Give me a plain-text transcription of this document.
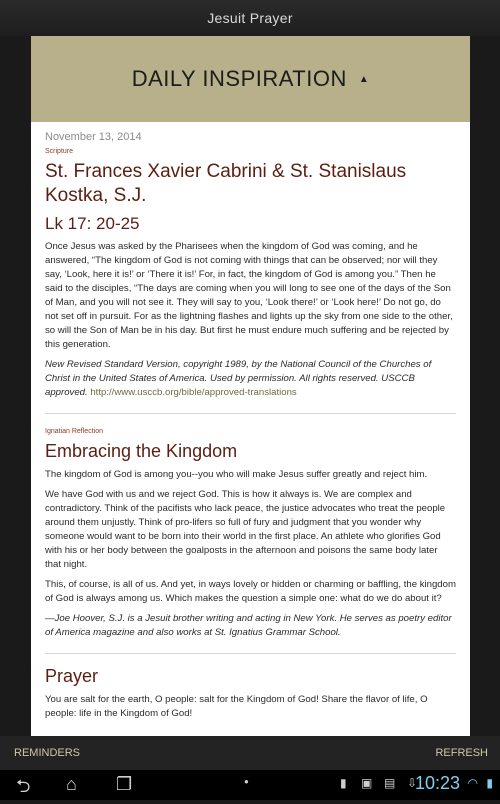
Jesuit Prayer
DAILY INSPIRATION ▲
November 13, 2014
Scripture
St. Frances Xavier Cabrini & St. Stanislaus Kostka, S.J.
Lk 17: 20-25

Once Jesus was asked by the Pharisees when the kingdom of God was coming, and he answered, “The kingdom of God is not coming with things that can be observed; nor will they say, ‘Look, here it is!’ or ‘There it is!’ For, in fact, the kingdom of God is among you.” Then he said to the disciples, “The days are coming when you will long to see one of the days of the Son of Man, and you will not see it. They will say to you, ‘Look there!’ or ‘Look here!’ Do not go, do not set off in pursuit. For as the lightning flashes and lights up the sky from one side to the other, so will the Son of Man be in his day. But first he must endure much suffering and be rejected by this generation.

New Revised Standard Version, copyright 1989, by the National Council of the Churches of Christ in the United States of America. Used by permission. All rights reserved. USCCB approved. http://www.usccb.org/bible/approved-translations

Ignatian Reflection
Embracing the Kingdom

The kingdom of God is among you--you who will make Jesus suffer greatly and reject him.

We have God with us and we reject God. This is how it always is. We are complex and contradictory. Think of the pacifists who lack peace, the justice advocates who treat the people around them unjustly. Think of pro-lifers so full of fury and judgment that you wonder why someone would want to be born into their world in the first place. An athlete who glorifies God with his or her body between the goalposts in the afternoon and poisons the same body later that night.

This, of course, is all of us. And yet, in ways lovely or hidden or charming or baffling, the kingdom of God is always among us. Which makes the question a simple one: what do we do about it?

—Joe Hoover, S.J. is a Jesuit brother writing and acting in New York. He serves as poetry editor of America magazine and also works at St. Ignatius Grammar School.

Prayer

You are salt for the earth, O people: salt for the Kingdom of God! Share the flavor of life, O people: life in the Kingdom of God!

REMINDERS	REFRESH
⮌ ⌂ ❐	●	▮ ▣ ▤ ⇩
10:23 ◠ ▮
